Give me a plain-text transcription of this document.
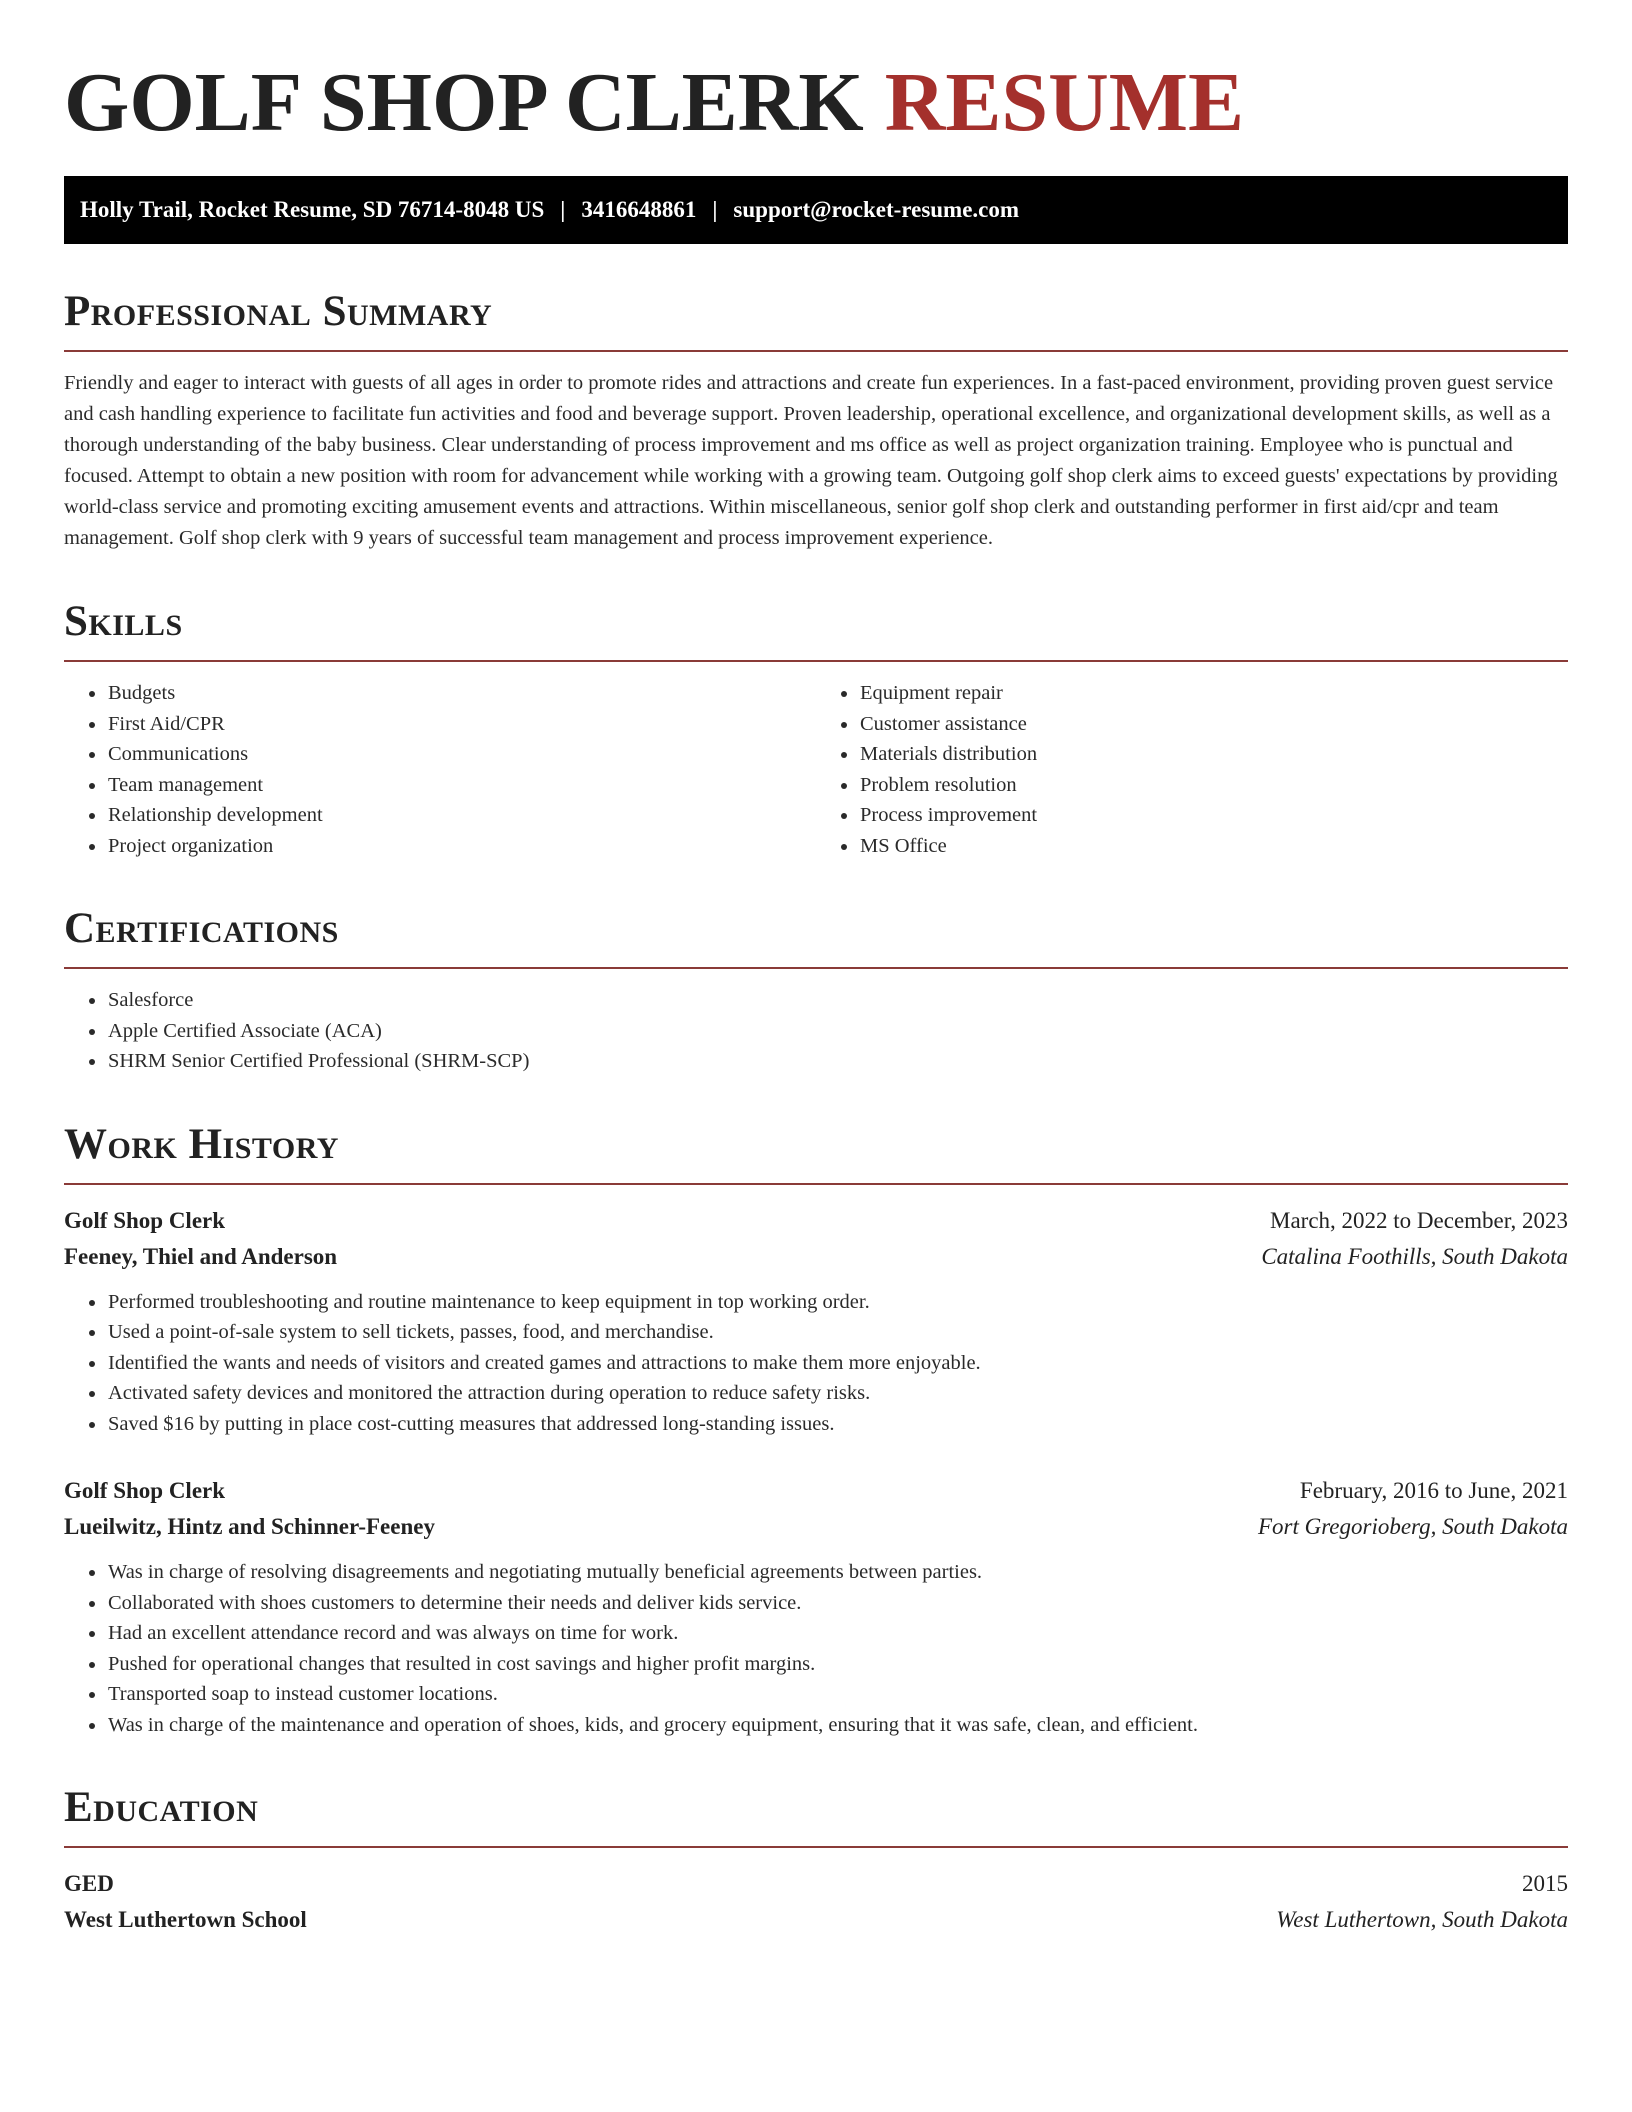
GOLF SHOP CLERK RESUME
Holly Trail, Rocket Resume, SD 76714-8048 US | 3416648861 | support@rocket-resume.com
Professional Summary

Friendly and eager to interact with guests of all ages in order to promote rides and attractions and create fun experiences. In a fast-paced environment, providing proven guest service and cash handling experience to facilitate fun activities and food and beverage support. Proven leadership, operational excellence, and organizational development skills, as well as a thorough understanding of the baby business. Clear understanding of process improvement and ms office as well as project organization training. Employee who is punctual and focused. Attempt to obtain a new position with room for advancement while working with a growing team. Outgoing golf shop clerk aims to exceed guests' expectations by providing world-class service and promoting exciting amusement events and attractions. Within miscellaneous, senior golf shop clerk and outstanding performer in first aid/cpr and team management. Golf shop clerk with 9 years of successful team management and process improvement experience.

Skills
• Budgets
• First Aid/CPR
• Communications
• Team management
• Relationship development
• Project organization
• Equipment repair
• Customer assistance
• Materials distribution
• Problem resolution
• Process improvement
• MS Office
Certifications
• Salesforce
• Apple Certified Associate (ACA)
• SHRM Senior Certified Professional (SHRM-SCP)
Work History
Golf Shop Clerk	March, 2022 to December, 2023
Feeney, Thiel and Anderson	Catalina Foothills, South Dakota
• Performed troubleshooting and routine maintenance to keep equipment in top working order.
• Used a point-of-sale system to sell tickets, passes, food, and merchandise.
• Identified the wants and needs of visitors and created games and attractions to make them more enjoyable.
• Activated safety devices and monitored the attraction during operation to reduce safety risks.
• Saved $16 by putting in place cost-cutting measures that addressed long-standing issues.
Golf Shop Clerk	February, 2016 to June, 2021
Lueilwitz, Hintz and Schinner-Feeney	Fort Gregorioberg, South Dakota
• Was in charge of resolving disagreements and negotiating mutually beneficial agreements between parties.
• Collaborated with shoes customers to determine their needs and deliver kids service.
• Had an excellent attendance record and was always on time for work.
• Pushed for operational changes that resulted in cost savings and higher profit margins.
• Transported soap to instead customer locations.
• Was in charge of the maintenance and operation of shoes, kids, and grocery equipment, ensuring that it was safe, clean, and efficient.
Education
GED	2015
West Luthertown School	West Luthertown, South Dakota
